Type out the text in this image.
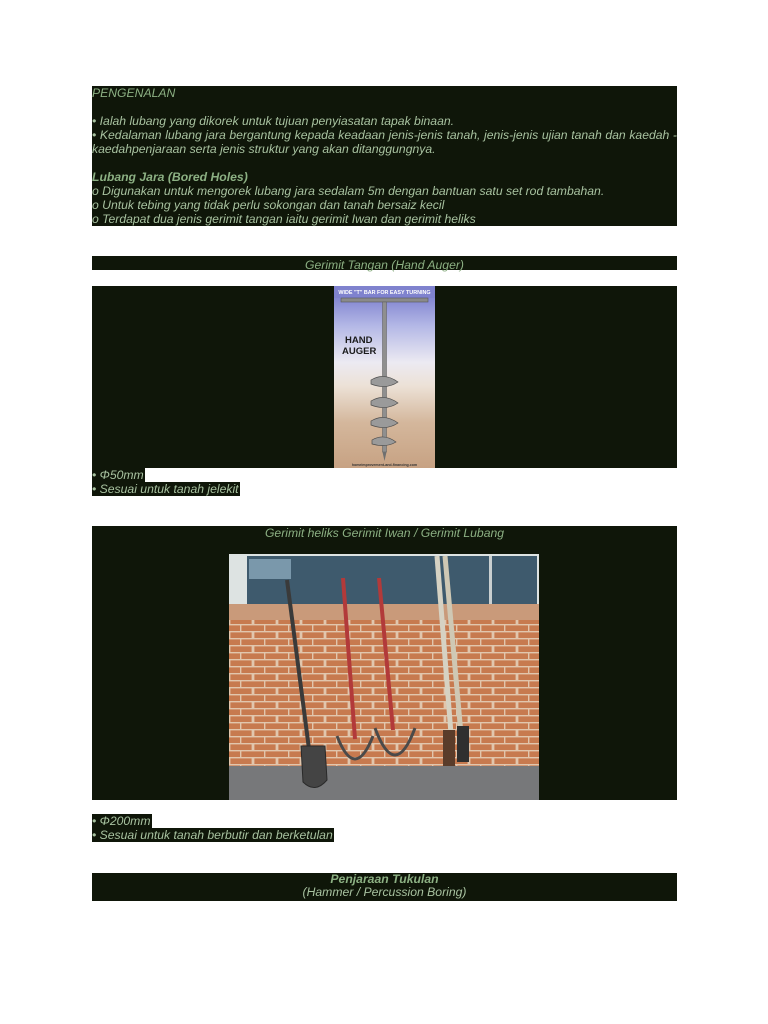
PENGENALAN
• Ialah lubang yang dikorek untuk tujuan penyiasatan tapak binaan.
• Kedalaman lubang jara bergantung kepada keadaan jenis-jenis tanah, jenis-jenis ujian tanah dan kaedah -kaedahpenjaraan serta jenis struktur yang akan ditanggungnya.
Lubang Jara (Bored Holes)
o Digunakan untuk mengorek lubang jara sedalam 5m dengan bantuan satu set rod tambahan.
o Untuk tebing yang tidak perlu sokongan dan tanah bersaiz kecil
o Terdapat dua jenis gerimit tangan iaitu gerimit Iwan dan gerimit heliks
Gerimit Tangan (Hand Auger)
WIDE "T" BAR FOR EASY TURNING
HAND
AUGER
homeimprovement-and-financing.com
• Φ50mm
• Sesuai untuk tanah jelekit
Gerimit heliks Gerimit Iwan / Gerimit Lubang
• Φ200mm
• Sesuai untuk tanah berbutir dan berketulan
Penjaraan Tukulan
(Hammer / Percussion Boring)
